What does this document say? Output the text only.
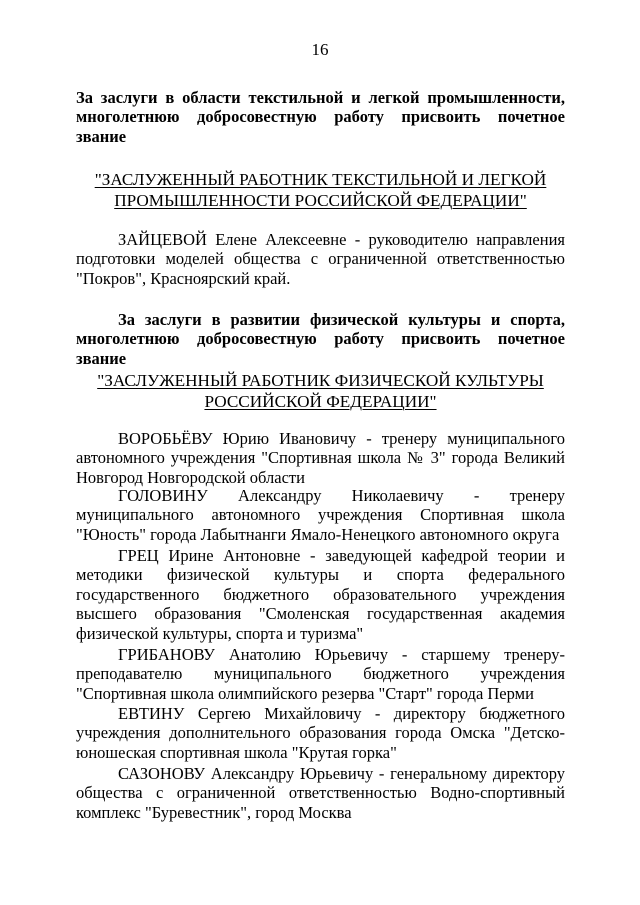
16

За заслуги в области текстильной и легкой промышленности, многолетнюю добросовестную работу присвоить почетное звание

"ЗАСЛУЖЕННЫЙ РАБОТНИК ТЕКСТИЛЬНОЙ И ЛЕГКОЙ
ПРОМЫШЛЕННОСТИ РОССИЙСКОЙ ФЕДЕРАЦИИ"

ЗАЙЦЕВОЙ Елене Алексеевне - руководителю направления подготовки моделей общества с ограниченной ответственностью "Покров", Красноярский край.

За заслуги в развитии физической культуры и спорта, многолетнюю добросовестную работу присвоить почетное звание

"ЗАСЛУЖЕННЫЙ РАБОТНИК ФИЗИЧЕСКОЙ КУЛЬТУРЫ
РОССИЙСКОЙ ФЕДЕРАЦИИ"

ВОРОБЬЁВУ Юрию Ивановичу - тренеру муниципального автономного учреждения "Спортивная школа № 3" города Великий Новгород Новгородской области

ГОЛОВИНУ Александру Николаевичу - тренеру муниципального автономного учреждения Спортивная школа "Юность" города Лабытнанги Ямало-Ненецкого автономного округа

ГРЕЦ Ирине Антоновне - заведующей кафедрой теории и методики физической культуры и спорта федерального государственного бюджетного образовательного учреждения высшего образования "Смоленская государственная академия физической культуры, спорта и туризма"

ГРИБАНОВУ Анатолию Юрьевичу - старшему тренеру-преподавателю муниципального бюджетного учреждения "Спортивная школа олимпийского резерва "Старт" города Перми

ЕВТИНУ Сергею Михайловичу - директору бюджетного учреждения дополнительного образования города Омска "Детско-юношеская спортивная школа "Крутая горка"

САЗОНОВУ Александру Юрьевичу - генеральному директору общества с ограниченной ответственностью Водно-спортивный комплекс "Буревестник", город Москва
